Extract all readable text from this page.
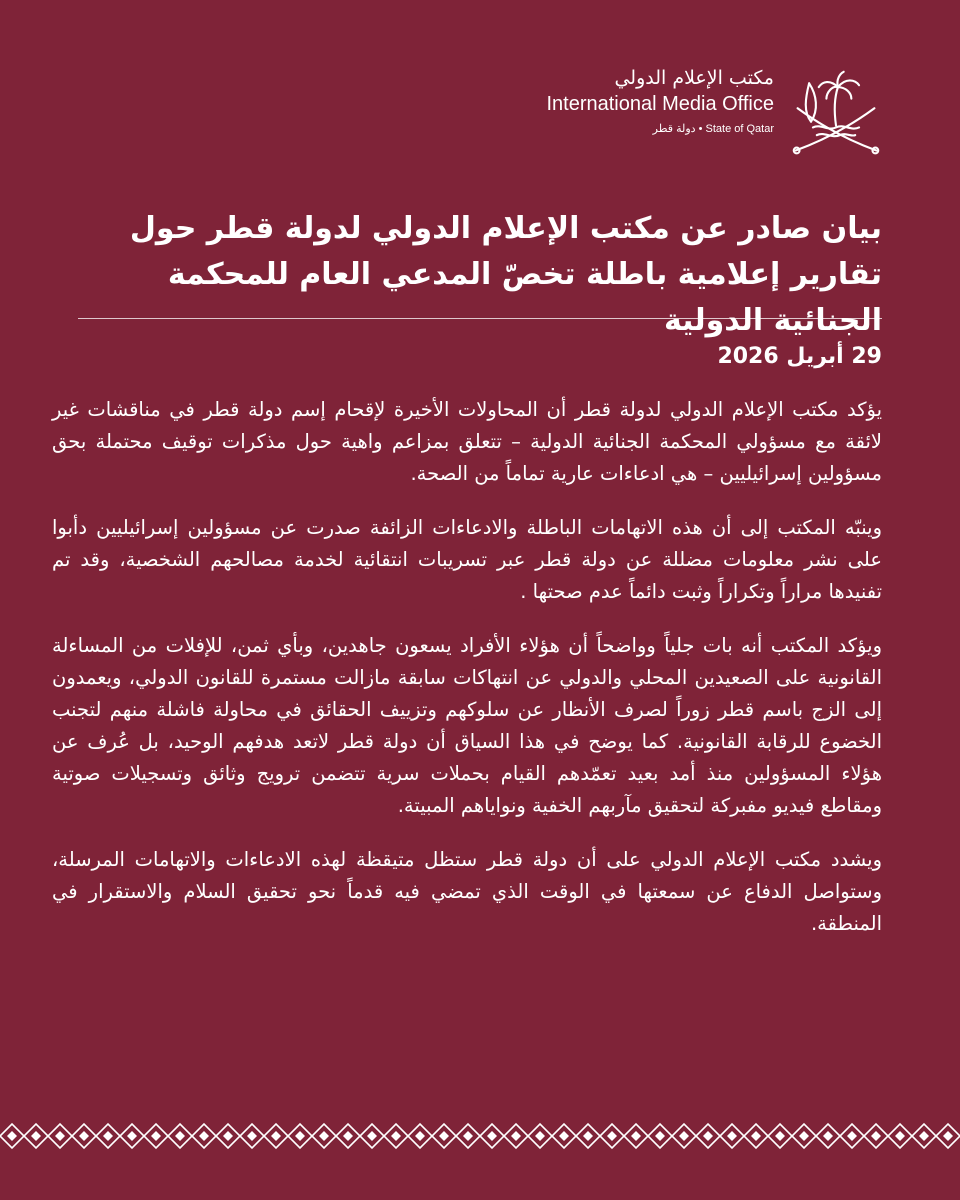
مكتب الإعلام الدولي
International Media Office
State of Qatar • دولة قطر
بيان صادر عن مكتب الإعلام الدولي لدولة قطر حول تقارير إعلامية باطلة تخصّ المدعي العام للمحكمة الجنائية الدولية
29 أبريل 2026

يؤكد مكتب الإعلام الدولي لدولة قطر أن المحاولات الأخيرة لإقحام إسم دولة قطر في مناقشات غير لائقة مع مسؤولي المحكمة الجنائية الدولية – تتعلق بمزاعم واهية حول مذكرات توقيف محتملة بحق مسؤولين إسرائيليين – هي ادعاءات عارية تماماً من الصحة.

وينبّه المكتب إلى أن هذه الاتهامات الباطلة والادعاءات الزائفة صدرت عن مسؤولين إسرائيليين دأبوا على نشر معلومات مضللة عن دولة قطر عبر تسريبات انتقائية لخدمة مصالحهم الشخصية، وقد تم تفنيدها مراراً وتكراراً وثبت دائماً عدم صحتها .

ويؤكد المكتب أنه بات جلياً وواضحاً أن هؤلاء الأفراد يسعون جاهدين، وبأي ثمن، للإفلات من المساءلة القانونية على الصعيدين المحلي والدولي عن انتهاكات سابقة مازالت مستمرة للقانون الدولي، ويعمدون إلى الزج باسم قطر زوراً لصرف الأنظار عن سلوكهم وتزييف الحقائق في محاولة فاشلة منهم لتجنب الخضوع للرقابة القانونية. كما يوضح في هذا السياق أن دولة قطر لاتعد هدفهم الوحيد، بل عُرف عن هؤلاء المسؤولين منذ أمد بعيد تعمّدهم القيام بحملات سرية تتضمن ترويج وثائق وتسجيلات صوتية ومقاطع فيديو مفبركة لتحقيق مآربهم الخفية ونواياهم المبيتة.

ويشدد مكتب الإعلام الدولي على أن دولة قطر ستظل متيقظة لهذه الادعاءات والاتهامات المرسلة، وستواصل الدفاع عن سمعتها في الوقت الذي تمضي فيه قدماً نحو تحقيق السلام والاستقرار في المنطقة.
